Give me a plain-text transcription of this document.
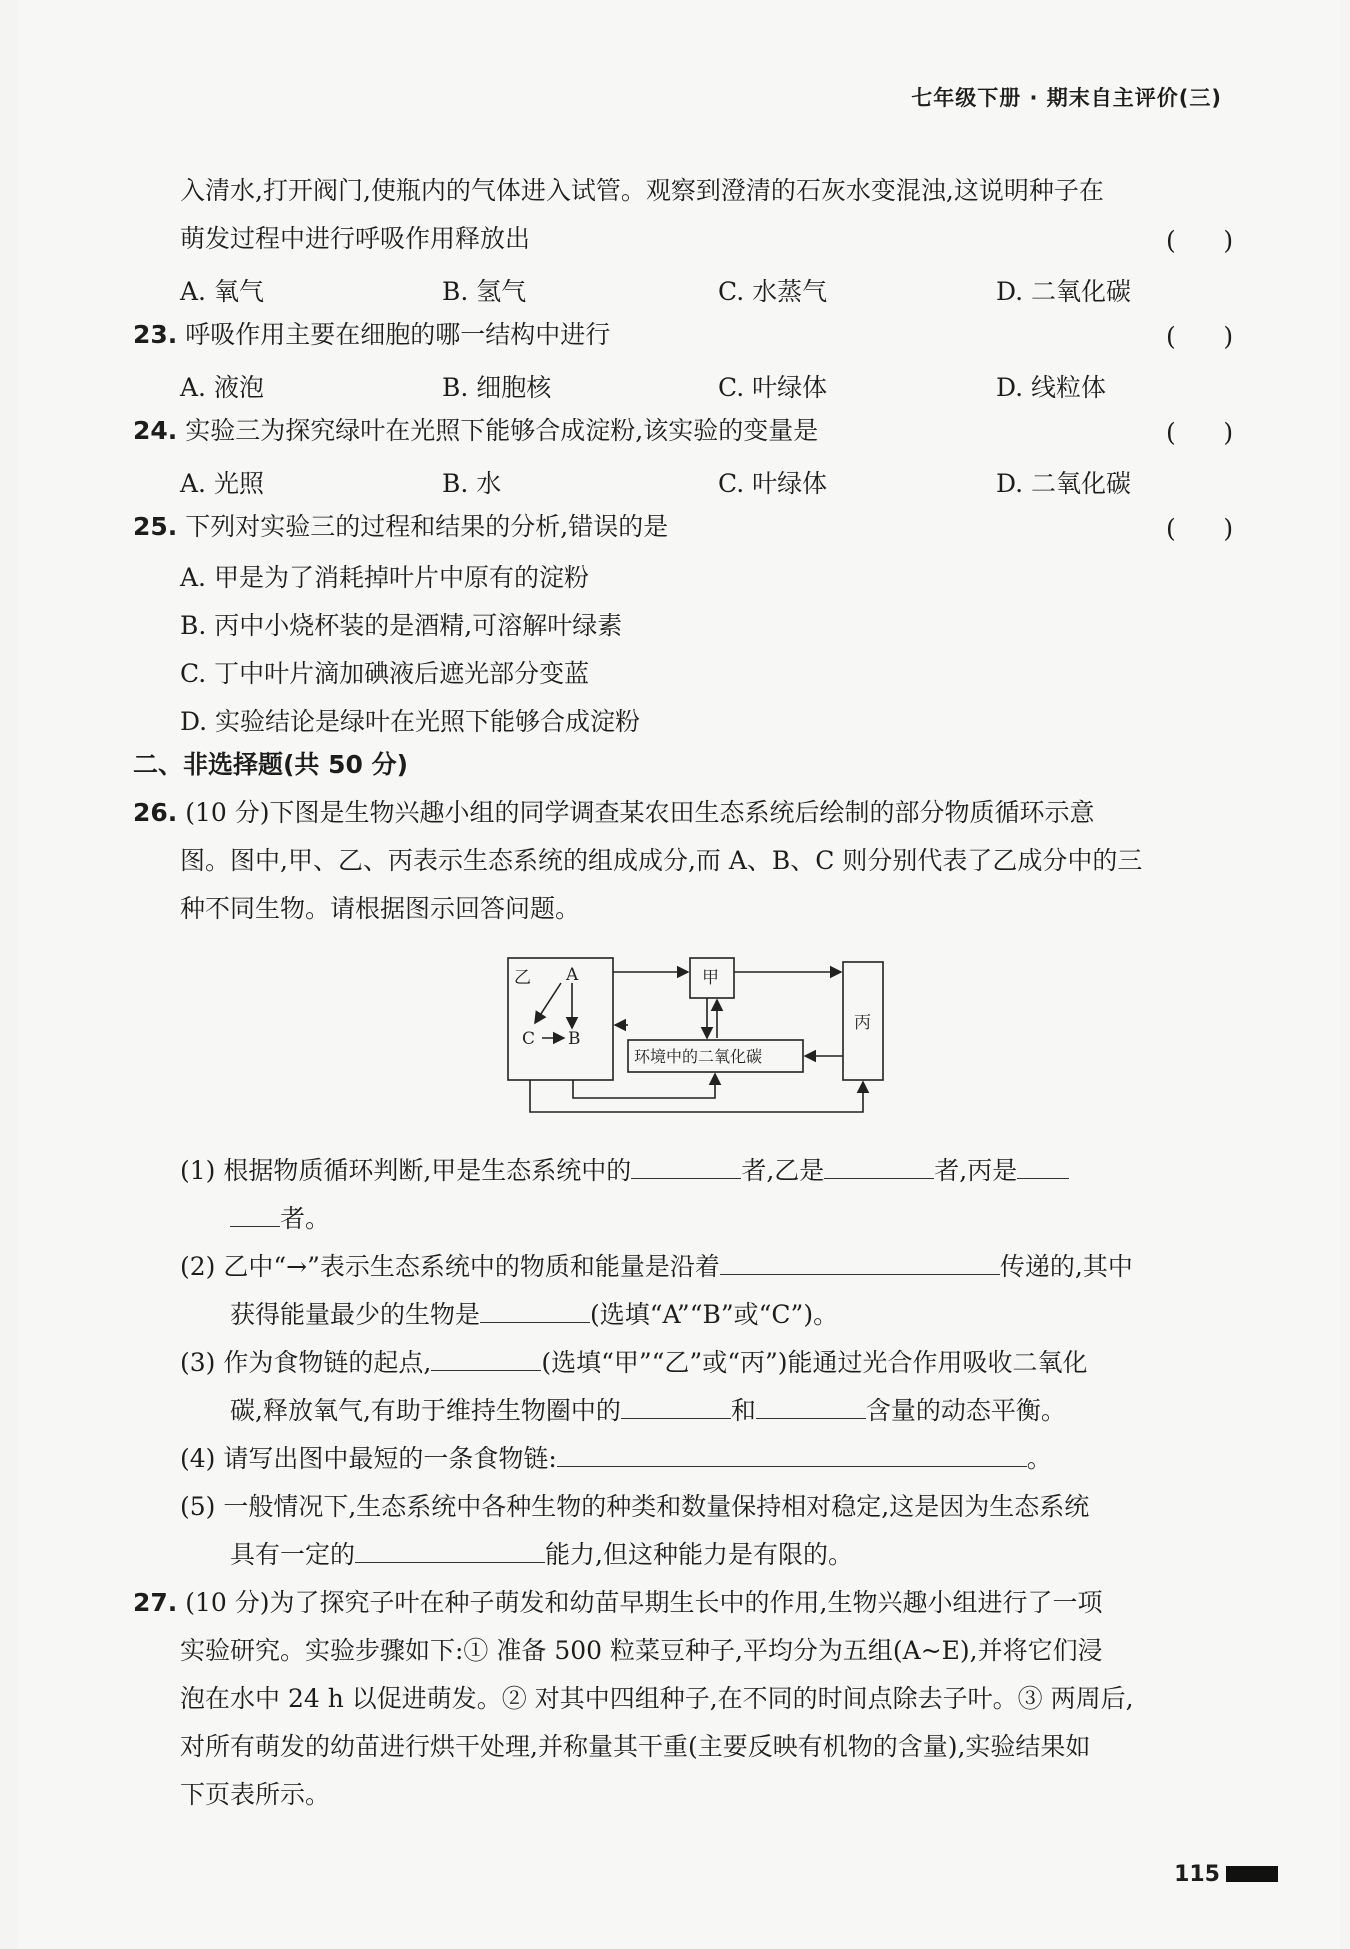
七年级下册 · 期末自主评价(三)
入清水,打开阀门,使瓶内的气体进入试管。观察到澄清的石灰水变混浊,这说明种子在
萌发过程中进行呼吸作用释放出	(      )
A. 氧气	B. 氢气	C. 水蒸气	D. 二氧化碳
23. 呼吸作用主要在细胞的哪一结构中进行	(      )
A. 液泡	B. 细胞核	C. 叶绿体	D. 线粒体
24. 实验三为探究绿叶在光照下能够合成淀粉,该实验的变量是	(      )
A. 光照	B. 水	C. 叶绿体	D. 二氧化碳
25. 下列对实验三的过程和结果的分析,错误的是	(      )
A. 甲是为了消耗掉叶片中原有的淀粉
B. 丙中小烧杯装的是酒精,可溶解叶绿素
C. 丁中叶片滴加碘液后遮光部分变蓝
D. 实验结论是绿叶在光照下能够合成淀粉
二、非选择题(共 50 分)
26. (10 分)下图是生物兴趣小组的同学调查某农田生态系统后绘制的部分物质循环示意
图。图中,甲、乙、丙表示生态系统的组成成分,而 A、B、C 则分别代表了乙成分中的三
种不同生物。请根据图示回答问题。
乙 A
C B
甲
丙
环境中的二氧化碳
(1) 根据物质循环判断,甲是生态系统中的	者,乙是	者,丙是
者。
(2) 乙中“→”表示生态系统中的物质和能量是沿着	传递的,其中
获得能量最少的生物是	(选填“A”“B”或“C”)。
(3) 作为食物链的起点,	(选填“甲”“乙”或“丙”)能通过光合作用吸收二氧化
碳,释放氧气,有助于维持生物圈中的	和	含量的动态平衡。
(4) 请写出图中最短的一条食物链:	。
(5) 一般情况下,生态系统中各种生物的种类和数量保持相对稳定,这是因为生态系统
具有一定的	能力,但这种能力是有限的。
27. (10 分)为了探究子叶在种子萌发和幼苗早期生长中的作用,生物兴趣小组进行了一项
实验研究。实验步骤如下:① 准备 500 粒菜豆种子,平均分为五组(A~E),并将它们浸
泡在水中 24 h 以促进萌发。② 对其中四组种子,在不同的时间点除去子叶。③ 两周后,
对所有萌发的幼苗进行烘干处理,并称量其干重(主要反映有机物的含量),实验结果如
下页表所示。
115
